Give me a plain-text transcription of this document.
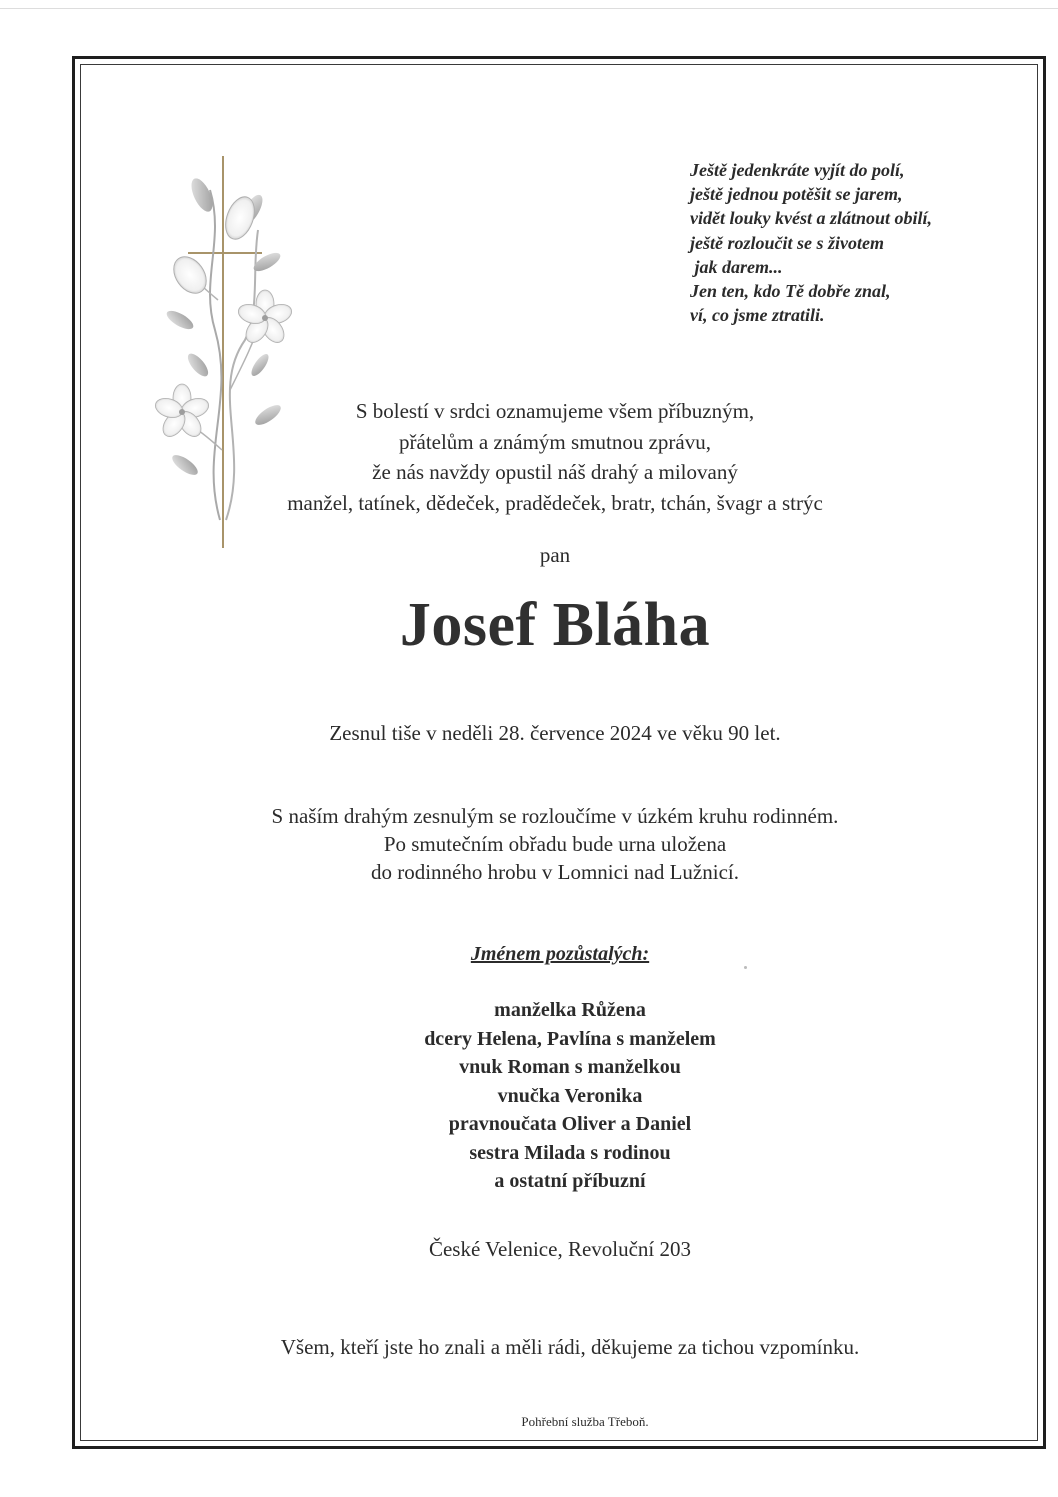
Ještě jedenkráte vyjít do polí,
ještě jednou potěšit se jarem,
vidět louky kvést a zlátnout obilí,
ještě rozloučit se s životem
jak darem...
Jen ten, kdo Tě dobře znal,
ví, co jsme ztratili.
S bolestí v srdci oznamujeme všem příbuzným,
přátelům a známým smutnou zprávu,
že nás navždy opustil náš drahý a milovaný
manžel, tatínek, dědeček, pradědeček, bratr, tchán, švagr a strýc
pan
Josef Bláha
Zesnul tiše v neděli 28. července 2024 ve věku 90 let.
S naším drahým zesnulým se rozloučíme v úzkém kruhu rodinném.
Po smutečním obřadu bude urna uložena
do rodinného hrobu v Lomnici nad Lužnicí.
Jménem pozůstalých:
manželka Růžena
dcery Helena, Pavlína s manželem
vnuk Roman s manželkou
vnučka Veronika
pravnoučata Oliver a Daniel
sestra Milada s rodinou
a ostatní příbuzní
České Velenice, Revoluční 203
Všem, kteří jste ho znali a měli rádi, děkujeme za tichou vzpomínku.
Pohřební služba Třeboň.
